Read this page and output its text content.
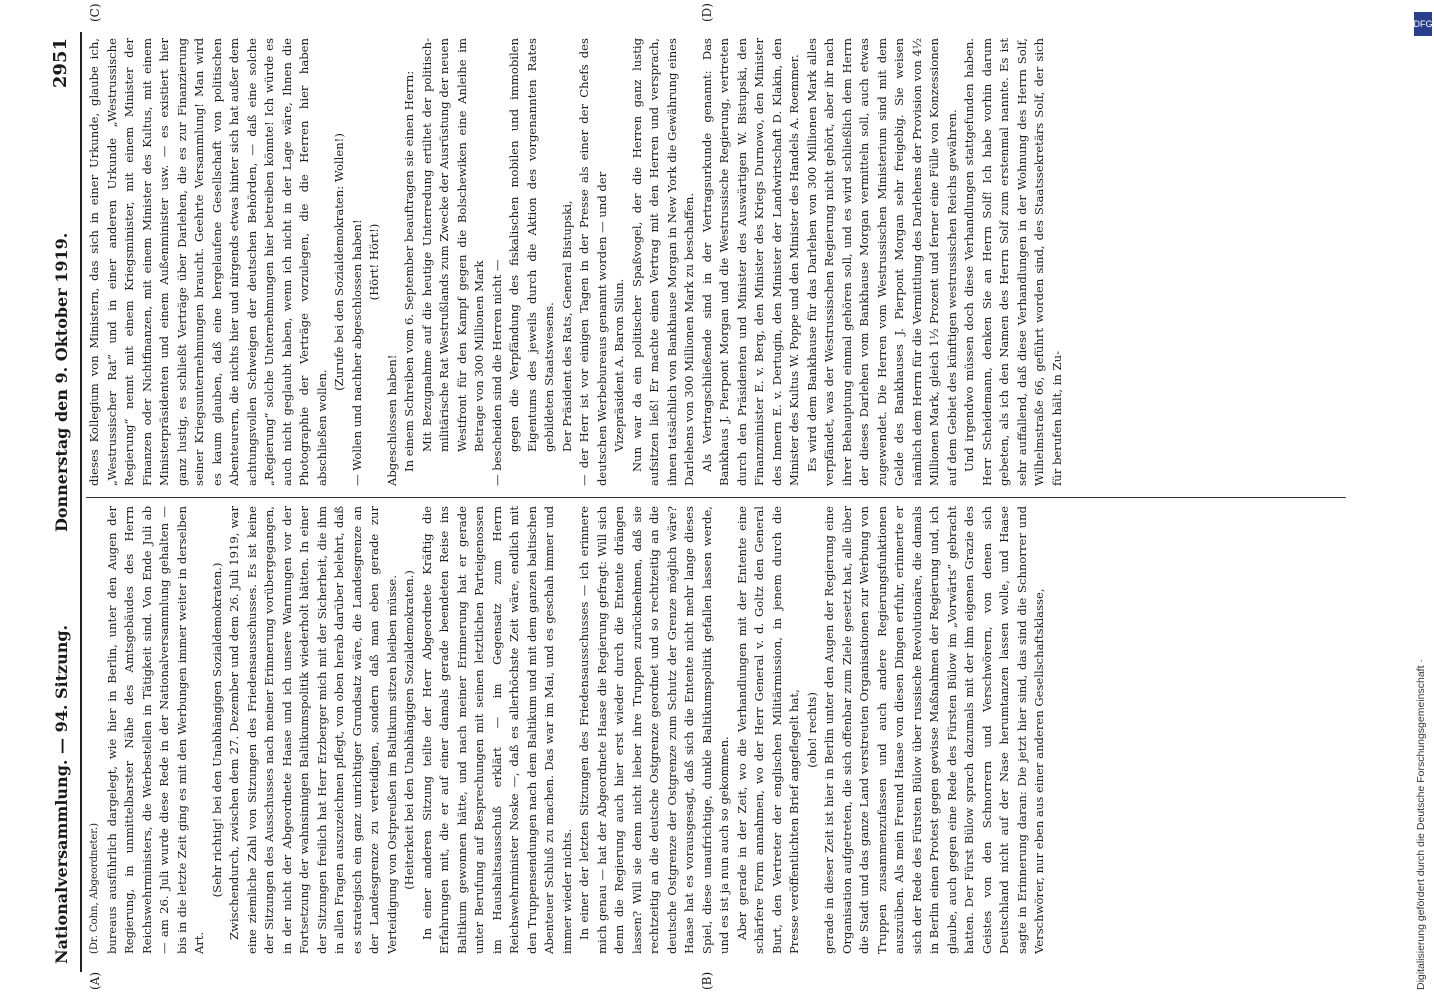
Nationalversammlung. — 94. Sitzung.
Donnerstag den 9. Oktober 1919.
2951
(A)	(B)
(C)	(D)

(Dr. Cohn, Abgeordneter.) bureaus ausführlich dargelegt, wie hier in Berlin, unter den Augen der Regierung, in unmittelbarster Nähe des Amtsgebäudes des Herrn Reichswehrministers, die Werbestellen in Tätigkeit sind. Von Ende Juli ab — am 26. Juli wurde diese Rede in der Nationalversammlung gehalten — bis in die letzte Zeit ging es mit den Werbungen immer weiter in derselben Art.

(Sehr richtig! bei den Unabhängigen Sozialdemokraten.) Zwischendurch, zwischen dem 27. Dezember und dem 26. Juli 1919, war eine ziemliche Zahl von Sitzungen des Friedensausschusses. Es ist keine der Sitzungen des Ausschusses nach meiner Erinnerung vorübergegangen, in der nicht der Abgeordnete Haase und ich unsere Warnungen vor der Fortsetzung der wahnsinnigen Baltikumspolitik wiederholt hätten. In einer der Sitzungen freilich hat Herr Erzberger mich mit der Sicherheit, die ihm in allen Fragen auszuzeichnen pflegt, von oben herab darüber belehrt, daß es strategisch ein ganz unrichtiger Grundsatz wäre, die Landesgrenze an der Landesgrenze zu verteidigen, sondern daß man eben gerade zur Verteidigung von Ostpreußen im Baltikum sitzen bleiben müsse. (Heiterkeit bei den Unabhängigen Sozialdemokraten.) In einer anderen Sitzung teilte der Herr Abgeordnete Kräftig die Erfahrungen mit, die er auf einer damals gerade beendeten Reise ins Baltikum gewonnen hätte, und nach meiner Erinnerung hat er gerade unter Berufung auf Besprechungen mit seinen letztlichen Parteigenossen im Haushaltsausschuß erklärt — im Gegensatz zum Herrn Reichswehrminister Noske —, daß es allerhöchste Zeit wäre, endlich mit den Truppensendungen nach dem Baltikum und mit dem ganzen baltischen Abenteuer Schluß zu machen. Das war im Mai, und es geschah immer und immer wieder nichts. In einer der letzten Sitzungen des Friedensausschusses — ich erinnere mich genau — hat der Abgeordnete Haase die Regierung gefragt: Will sich denn die Regierung auch hier erst wieder durch die Entente drängen lassen? Will sie denn nicht lieber ihre Truppen zurücknehmen, daß sie rechtzeitig an die deutsche Ostgrenze geordnet und so rechtzeitig an die deutsche Ostgrenze der Ostgrenze zum Schutz der Grenze möglich wäre? Haase hat es vorausgesagt, daß sich die Entente nicht mehr lange dieses Spiel, diese unaufrichtige, dunkle Baltikumspolitik gefallen lassen werde, und es ist ja nun auch so gekommen. Aber gerade in der Zeit, wo die Verhandlungen mit der Entente eine schärfere Form annahmen, wo der Herr General v. d. Goltz den General Burt, den Vertreter der englischen Militärmission, in jenem durch die Presse veröffentlichten Brief angeflegelt hat, (oho! rechts) gerade in dieser Zeit ist hier in Berlin unter den Augen der Regierung eine Organisation aufgetreten, die sich offenbar zum Ziele gesetzt hat, alle über die Stadt und das ganze Land verstreuten Organisationen zur Werbung von Truppen zusammenzufassen und auch andere Regierungsfunktionen auszuüben. Als mein Freund Haase von diesen Dingen erfuhr, erinnerte er sich der Rede des Fürsten Bülow über russische Revolutionäre, die damals in Berlin einen Protest gegen gewisse Maßnahmen der Regierung und, ich glaube, auch gegen eine Rede des Fürsten Bülow im „Vorwärts“ gebracht hatten. Der Fürst Bülow sprach dazumals mit der ihm eigenen Grazie des Geistes von den Schnorrern und Verschwörern, von denen sich Deutschland nicht auf der Nase herumtanzen lassen wolle, und Haase sagte in Erinnerung daran: Die jetzt hier sind, das sind die Schnorrer und Verschwörer, nur eben aus einer anderen Gesellschaftsklasse,

dieses Kollegium von Ministern, das sich in einer Urkunde, glaube ich, „Westrussischer Rat“ und in einer anderen Urkunde „Westrussische Regierung“ nennt mit einem Kriegsminister, mit einem Minister der Finanzen oder Nichtfinanzen, mit einem Minister des Kultus, mit einem Ministerpräsidenten und einem Außenminister usw. — es existiert hier ganz lustig, es schließt Verträge über Darlehen, die es zur Finanzierung seiner Kriegsunternehmungen braucht. Geehrte Versammlung! Man wird es kaum glauben, daß eine hergelaufene Gesellschaft von politischen Abenteurern, die nichts hier und nirgends etwas hinter sich hat außer dem achtungsvollen Schweigen der deutschen Behörden, — daß eine solche „Regierung“ solche Unternehmungen hier betreiben könnte! Ich würde es auch nicht geglaubt haben, wenn ich nicht in der Lage wäre, Ihnen die Photographie der Verträge vorzulegen, die die Herren hier haben abschließen wollen.

(Zurufe bei den Sozialdemokraten: Wollen!) — Wollen und nachher abgeschlossen haben! (Hört! Hört!)

Abgeschlossen haben! In einem Schreiben vom 6. September beauftragen sie einen Herrn: Mit Bezugnahme auf die heutige Unterredung ertiltet der politisch-militärische Rat Westrußlands zum Zwecke der Ausrüstung der neuen Westfront für den Kampf gegen die Bolschewiken eine Anleihe im Betrage von 300 Millionen Mark — bescheiden sind die Herren nicht — gegen die Verpfändung des fiskalischen mobilen und immobilen Eigentums des jeweils durch die Aktion des vorgenannten Rates gebildeten Staatswesens. Der Präsident des Rats, General Bistupski, — der Herr ist vor einigen Tagen in der Presse als einer der Chefs des deutschen Werbebureaus genannt worden — und der Vizepräsident A. Baron Silun. Nun war da ein politischer Spaßvogel, der die Herren ganz lustig aufsitzen ließ! Er machte einen Vertrag mit den Herren und versprach, ihnen tatsächlich von Bankhause Morgan in New York die Gewährung eines Darlehens von 300 Millionen Mark zu beschaffen. Als Vertragschließende sind in der Vertragsurkunde genannt: Das Bankhaus J. Pierpont Morgan und die Westrussische Regierung, vertreten durch den Präsidenten und Minister des Auswärtigen W. Bistupski, den Finanzminister E. v. Berg, den Minister des Kriegs Durnowo, den Minister des Innern E. v. Dertugin, den Minister der Landwirtschaft D. Klakin, den Minister des Kultus W. Poppe und den Minister des Handels A. Roemmer. Es wird dem Bankhause für das Darlehen von 300 Millionen Mark alles verpfändet, was der Westrussischen Regierung nicht gehört, aber ihr nach ihrer Behauptung einmal gehören soll, und es wird schließlich dem Herrn der dieses Darlehen vom Bankhause Morgan vermitteln soll, auch etwas zugewendet. Die Herren vom Westrussischen Ministerium sind mit dem Gelde des Bankhauses J. Pierpont Morgan sehr freigebig. Sie weisen nämlich dem Herrn für die Vermittlung des Darlehens der Provision von 4½ Millionen Mark, gleich 1½ Prozent und ferner eine Fülle von Konzessionen auf dem Gebiet des künftigen westrussischen Reichs gewähren. Und irgendwo müssen doch diese Verhandlungen stattgefunden haben. Herr Scheidemann, denken Sie an Herrn Solf! Ich habe vorhin darum gebeten, als ich den Namen des Herrn Solf zum erstenmal nannte. Es ist sehr auffallend, daß diese Verhandlungen in der Wohnung des Herrn Solf, Wilhelmstraße 66, geführt worden sind, des Staatssekretärs Solf, der sich für berufen hält, in Zu-

DFG
Digitalisierung gefördert durch die Deutsche Forschungsgemeinschaft ·
